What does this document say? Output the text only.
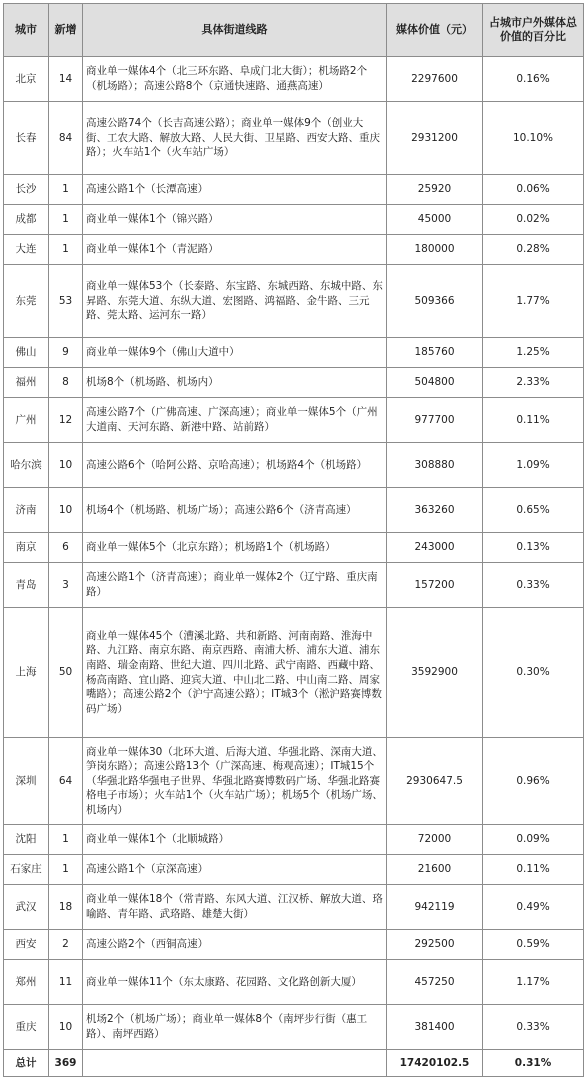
城市	新增	具体街道线路	媒体价值（元）	占城市户外媒体总价值的百分比
北京	14	商业单一媒体4个（北三环东路、阜成门北大街）；机场路2个（机场路）；高速公路8个（京通快速路、通燕高速）	2297600	0.16%
长春	84	高速公路74个（长吉高速公路）；商业单一媒体9个（创业大街、工农大路、解放大路、人民大街、卫星路、西安大路、重庆路）；火车站1个（火车站广场）	2931200	10.10%
长沙	1	高速公路1个（长潭高速）	25920	0.06%
成都	1	商业单一媒体1个（锦兴路）	45000	0.02%
大连	1	商业单一媒体1个（青泥路）	180000	0.28%
东莞	53	商业单一媒体53个（长泰路、东宝路、东城西路、东城中路、东昇路、东莞大道、东纵大道、宏图路、鸿福路、金牛路、三元路、莞太路、运河东一路）	509366	1.77%
佛山	9	商业单一媒体9个（佛山大道中）	185760	1.25%
福州	8	机场8个（机场路、机场内）	504800	2.33%
广州	12	高速公路7个（广佛高速、广深高速）；商业单一媒体5个（广州大道南、天河东路、新港中路、站前路）	977700	0.11%
哈尔滨	10	高速公路6个（哈阿公路、京哈高速）；机场路4个（机场路）	308880	1.09%
济南	10	机场4个（机场路、机场广场）；高速公路6个（济青高速）	363260	0.65%
南京	6	商业单一媒体5个（北京东路）；机场路1个（机场路）	243000	0.13%
青岛	3	高速公路1个（济青高速）；商业单一媒体2个（辽宁路、重庆南路）	157200	0.33%
上海	50	商业单一媒体45个（漕溪北路、共和新路、河南南路、淮海中路、九江路、南京东路、南京西路、南浦大桥、浦东大道、浦东南路、瑞金南路、世纪大道、四川北路、武宁南路、西藏中路、杨高南路、宜山路、迎宾大道、中山北二路、中山南二路、周家嘴路）；高速公路2个（沪宁高速公路）；IT城3个（淞沪路赛博数码广场）	3592900	0.30%
深圳	64	商业单一媒体30（北环大道、后海大道、华强北路、深南大道、笋岗东路）；高速公路13个（广深高速、梅观高速）；IT城15个（华强北路华强电子世界、华强北路赛博数码广场、华强北路赛格电子市场）；火车站1个（火车站广场）；机场5个（机场广场、机场内）	2930647.5	0.96%
沈阳	1	商业单一媒体1个（北顺城路）	72000	0.09%
石家庄	1	高速公路1个（京深高速）	21600	0.11%
武汉	18	商业单一媒体18个（常青路、东风大道、江汉桥、解放大道、珞喻路、青年路、武珞路、雄楚大街）	942119	0.49%
西安	2	高速公路2个（西铜高速）	292500	0.59%
郑州	11	商业单一媒体11个（东太康路、花园路、文化路创新大厦）	457250	1.17%
重庆	10	机场2个（机场广场）；商业单一媒体8个（南坪步行街（惠工路）、南坪西路）	381400	0.33%
总计	369		17420102.5	0.31%
